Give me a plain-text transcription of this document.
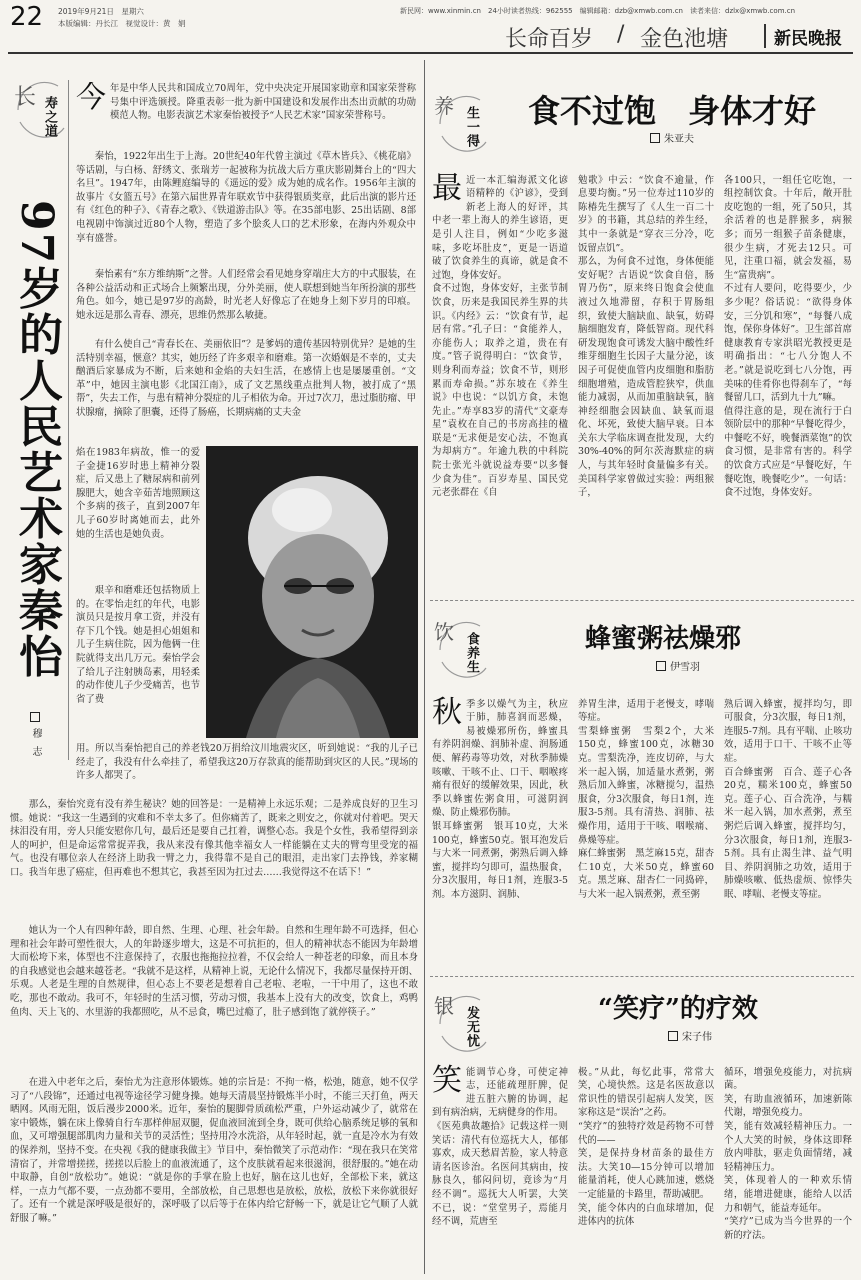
22 2019年9月21日　星期六
本版编辑：丹长江　视觉设计：黄　娟
新民网：www.xinmin.cn　24小时读者热线：962555　编辑邮箱：dzb@xmwb.com.cn　读者来信：dzlx@xmwb.com.cn
长命百岁 / 金色池塘	新民晚报
长 寿之道
97岁的人民艺术家秦怡
穆志
今年是中华人民共和国成立70周年，党中央决定开展国家勋章和国家荣誉称号集中评选颁授。降重表彰一批为新中国建设和发展作出杰出贡献的功勋模范人物。电影表演艺术家秦怡被授予“人民艺术家”国家荣誉称号。
秦怡，1922年出生于上海。20世纪40年代曾主演过《草木皆兵》、《桃花扇》等话剧，与白杨、舒绣文、张瑞芳一起被称为抗战大后方重庆影剧舞台上的“四大名旦”。1947年，由陈鲤庭编导的《遥远的爱》成为她的成名作。1956年主演的故事片《女篮五号》在第六届世界青年联欢节中获得银质奖章，此后出演的影片还有《红色的种子》、《青春之歌》、《铁道游击队》等。在35部电影、25出话剧、8部电视剧中饰演过近80个人物，塑造了多个脍炙人口的艺术形象，在海内外观众中享有盛誉。
秦怡素有“东方维纳斯”之誉。人们经常会看见她身穿端庄大方的中式服装，在各种公益活动和正式场合上频繁出现，分外美丽，使人联想到她当年所扮演的那些角色。如今，她已是97岁的高龄，时光老人好像忘了在她身上刻下岁月的印痕。她永远是那么青春、漂亮，思维仍然那么敏捷。
有什么使自己“青春长在、美丽依旧”？是爹妈的遗传基因特别优异？是她的生活特别幸福，惬意？其实，她历经了许多艰辛和磨难。第一次婚姻是不幸的，丈夫酗酒后家暴成为不断，后来她和金焰的夫妇生活，在感情上也是屡屡重创。“文革”中，她因主演电影《北国江南》，成了文艺黑线重点批判人物，被打成了“黑帮”，失去工作，与患有精神分裂症的儿子相依为命。开过7次刀，患过脂肪瘤、甲状腺瘤，摘除了胆囊，还得了肠癌，长期病痛的丈夫金
焰在1983年病故，惟一的爱子金捷16岁时患上精神分裂症，后又患上了糖尿病和前列腺肥大，她含辛茹苦地照顾这个多病的孩子，直到2007年儿子60岁时离她而去，此外她的生活也是她负责。
艰辛和磨难还包括物质上的。在零怡走红的年代，电影演员只是按月拿工资，并没有存下几个钱。她是担心姐姐和儿子生病住院，因为他俩一住院就得支出几万元。秦怡学会了给儿子注射胰岛素，用轻柔的动作使儿子少受痛苦，也节省了费
用。所以当秦怡把自己的养老钱20万捐给汶川地震灾区，听到她说：“我的儿子已经走了，我没有什么牵挂了，希望我这20万存款真的能帮助到灾区的人民。”现场的许多人都哭了。
那么，秦怡究竟有没有养生秘诀？她的回答是：一是精神上永远乐观；二是养成良好的卫生习惯。她说：“我这一生遇到的灾难和不幸太多了。但你痛苦了，既来之则安之，你就对付着吧。哭天抹泪没有用，旁人只能安慰你几句，最后还是要自己扛着，调整心态。我是个女性，我希望得到亲人的呵护，但是命运常常捉弄我，我从来没有像其他幸福女人一样能躺在丈夫的臂弯里受宠的福气。也没有哪位亲人在经济上助我一臂之力，我得靠不是自己的眼泪，走出家门去挣钱，养家糊口。我当年患了癌症，但再难也不想其它，我甚至因为扛过去……我觉得这不在话下！”
她认为一个人有四种年龄，即自然、生理、心理、社会年龄。自然和生理年龄不可选择，但心理和社会年龄可塑性很大，人的年龄逐步增大，这是不可抗拒的，但人的精神状态不能因为年龄增大而松垮下来，体型也不注意保持了，衣服也拖拖拉拉着，不仅会给人一种苍老的印象，而且本身的自我感觉也会越来越苍老。“我就不是这样，从精神上说，无论什么情况下，我都尽量保持开朗、乐观。人老是生理的自然规律，但心态上不要老是想着自己老啦、老啦，一干中用了，这也不敢吃，那也不敢动。我可不，年轻时的生活习惯，劳动习惯，我基本上没有大的改变，饮食上，鸡鸭鱼肉、天上飞的、水里游的我都照吃，从不忌食，嘴巴过瘾了，肚子感到饱了就停筷子。”
在进入中老年之后，秦怡尤为注意形体锻炼。她的宗旨是：不拘一格，松弛，随意，她不仅学习了“八段锦”，还通过电视等途径学习健身操。她每天清晨坚持锻炼半小时，不能三天打鱼，两天晒网。风雨无阻，饭后漫步2000米。近年，秦怡的腿脚骨质疏松严重，户外运动减少了，就常在家中锻炼，躺在床上像骑自行车那样伸屈双腿，促血液回流到全身，既可供给心脑系统足够的氧和血，又可增强腿部肌肉力量和关节的灵活性；坚持用冷水洗浴，从年轻时起，就一直是冷水为有效的保养剂，坚持不变。在央视《我的健康我做主》节目中，秦怡微笑了示范动作：“现在我只在笑常清宿了，并常增搓搓，搓搓以后脸上的血液流通了，这个皮肤就看起来很滋润，很舒服的。”她在动中取静，自创“放松功”。她说：“就是你的手掌在脸上也好，脑在这儿也好，全部松下来，就这样，一点力气都不要，一点劲都不要用，全部放松，自己思想也是放松，放松，放松下来你就很好了。还有一个就是深呼吸是很好的，深呼吸了以后等于在体内给它舒畅一下，就是让它气顺了人就舒服了嘛。”
养 生一得 食不过饱　身体才好
朱亚夫

最近一本汇编海派文化谚语精粹的《沪谚》，受到新老上海人的好评，其中老一辈上海人的养生谚语，更是引人注目，例如“少吃多滋味，多吃坏肚皮”，更是一语道破了饮食养生的真谛，就是食不过饱，身体安好。
食不过饱，身体安好，主张节制饮食，历来是我国民养生界的共识。《内经》云：“饮食有节，起居有常。”孔子曰：“食能养人，亦能伤人；取养之道，贵在有度。”管子说得明白：“饮食节，则身利而寿益；饮食不节，则形累而寿命损。”苏东坡在《养生说》中也说：“以饥方食，未饱先止。”寿享83岁的清代“文豪寿星”袁枚在自己的书房高挂的楹联是“无求便是安心法，不饱真为却病方”。年逾九秩的中科院院士张光斗就说益寿要“以多餐少食为佳”。百岁寿星、国民党元老张群在《自

勉歌》中云：“饮食不逾量，作息要均衡。”另一位寿过110岁的陈椿先生撰写了《人生一百二十岁》的书籍，其总结的养生经，其中一条就是“穿衣三分冷，吃饭留点饥”。
那么，为何食不过饱，身体便能安好呢？古语说“饮食自倍，肠胃乃伤”，原来终日饱食会使血液过久地滞留，存积于胃肠组织，致使大脑缺血、缺氧，妨碍脑细胞发育，降低智商。现代科研发现饱食可诱发大脑中酸性纤维芽细胞生长因子大量分泌，该因子可促使血管内皮细胞和脂肪细胞增殖，造成管腔狭窄，供血能力减弱，从而加重脑缺氧，脑神经细胞会因缺血、缺氧而退化、坏死，致使大脑早衰。日本关东大学临床调查批发现，大约30%-40%的阿尔茨海默症的病人，与其年轻时食量偏多有关。美国科学家曾做过实验：两组猴子，

各100只，一组任它吃饱，一组控制饮食。十年后，敞开肚皮吃饱的一组，死了50只，其余活着的也是胖猴多，病猴多；而另一组猴子苗条健康，很少生病，才死去12只。可见，注重口福，就会发福，易生“富贵病”。
不过有人要问，吃得要少，少多少呢？俗话说：“欲得身体安，三分饥和寒”，“每餐八成饱，保你身体好”。卫生部首席健康教育专家洪昭光教授更是明确指出：“七八分饱人不老。”就是说吃到七八分饱，再美味的佳肴你也得刹车了，“每餐留几口，活到九十九”嘛。
值得注意的是，现在流行于白领阶层中的那种“早餐吃得少，中餐吃不好，晚餐酒菜饱”的饮食习惯，是非常有害的。科学的饮食方式应是“早餐吃好，午餐吃饱，晚餐吃少”。一句话：食不过饱，身体安好。

饮 食养生	蜂蜜粥祛燥邪
伊雪羽

秋季多以燥气为主，秋应于肺，肺喜润而恶燥，易被燥邪所伤，蜂蜜具有养阴润燥、润肺补虚、润肠通便、解药毒等功效，对秋季肺燥咳嗽、干咳不止、口干、咽喉疼痛有很好的缓解效果，因此，秋季以蜂蜜佐粥食用，可滋阴润燥、防止燥邪伤肺。
银耳蜂蜜粥　银耳10克，大米100克，蜂蜜50克。银耳泡发后与大米一同煮粥，粥熟后调入蜂蜜，搅拌均匀即可，温热服食，分3次服用，每日1剂，连服3-5剂。本方滋阴、润肺、

养胃生津，适用于老慢支，哮喘等症。
雪梨蜂蜜粥　雪梨2个，大米150克，蜂蜜100克，冰糖30克。雪梨洗净，连皮切碎，与大米一起入锅，加适量水煮粥，粥熟后加入蜂蜜，冰糖搅匀，温热服食，分3次服食，每日1剂，连服3-5剂。具有清热、润肺、祛燥作用，适用于干咳、咽喉痛、鼻燥等症。
麻仁蜂蜜粥　黑芝麻15克，甜杏仁10克，大米50克，蜂蜜60克。黑芝麻、甜杏仁一同捣碎，与大米一起入锅煮粥，煮至粥

熟后调入蜂蜜，搅拌均匀，即可服食，分3次服，每日1剂，连服5-7剂。具有平喘、止咳功效，适用于口干、干咳不止等症。
百合蜂蜜粥　百合、莲子心各20克，糯米100克，蜂蜜50克。莲子心、百合洗净，与糯米一起入锅，加水煮粥，煮至粥烂后调入蜂蜜，搅拌均匀，分3次服食，每日1剂，连服3-5剂。具有止渴生津、益气明目、养阴润肺之功效，适用于肺燥咳嗽、低热虚烦、惊悸失眠、哮喘、老慢支等症。

银 发无忧	“笑疗”的疗效
宋子伟

笑能调节心身，可使定神志，还能疏理肝脾，促进五脏六腑的协调，起到有病治病，无病健身的作用。
《医苑典故趣拾》记载这样一则笑话：清代有位巡抚大人，郁郁寡欢，成天愁眉苦脸，家人特意请名医诊治。名医问其病由，按脉良久，郁闷问切，竟诊为“月经不调”。巡抚大人听罢，大笑不已，说：“堂堂男子，焉能月经不调，荒唐至

极。”从此，每忆此事，常常大笑，心境快然。这是名医故意以常识性的错误引起病人发笑，医家称这是“误治”之药。
“笑疗”的独特疗效是药物不可替代的——
笑，是保持身材苗条的最佳方法。大笑10—15分钟可以增加能量消耗，使人心跳加速，燃烧一定能量的卡路里，帮助减肥。
笑，能令体内的白血球增加，促进体内的抗体

循环，增强免疫能力，对抗病菌。
笑，有助血液循环，加速新陈代谢，增强免疫力。
笑，能有效减轻精神压力。一个人大笑的时候，身体这即释放内啡肽，驱走负面情绪，减轻精神压力。
笑，体现着人的一种欢乐情绪，能增进健康，能给人以活力和朝气，能益寿延年。
“笑疗”已成为当今世界的一个新的疗法。
